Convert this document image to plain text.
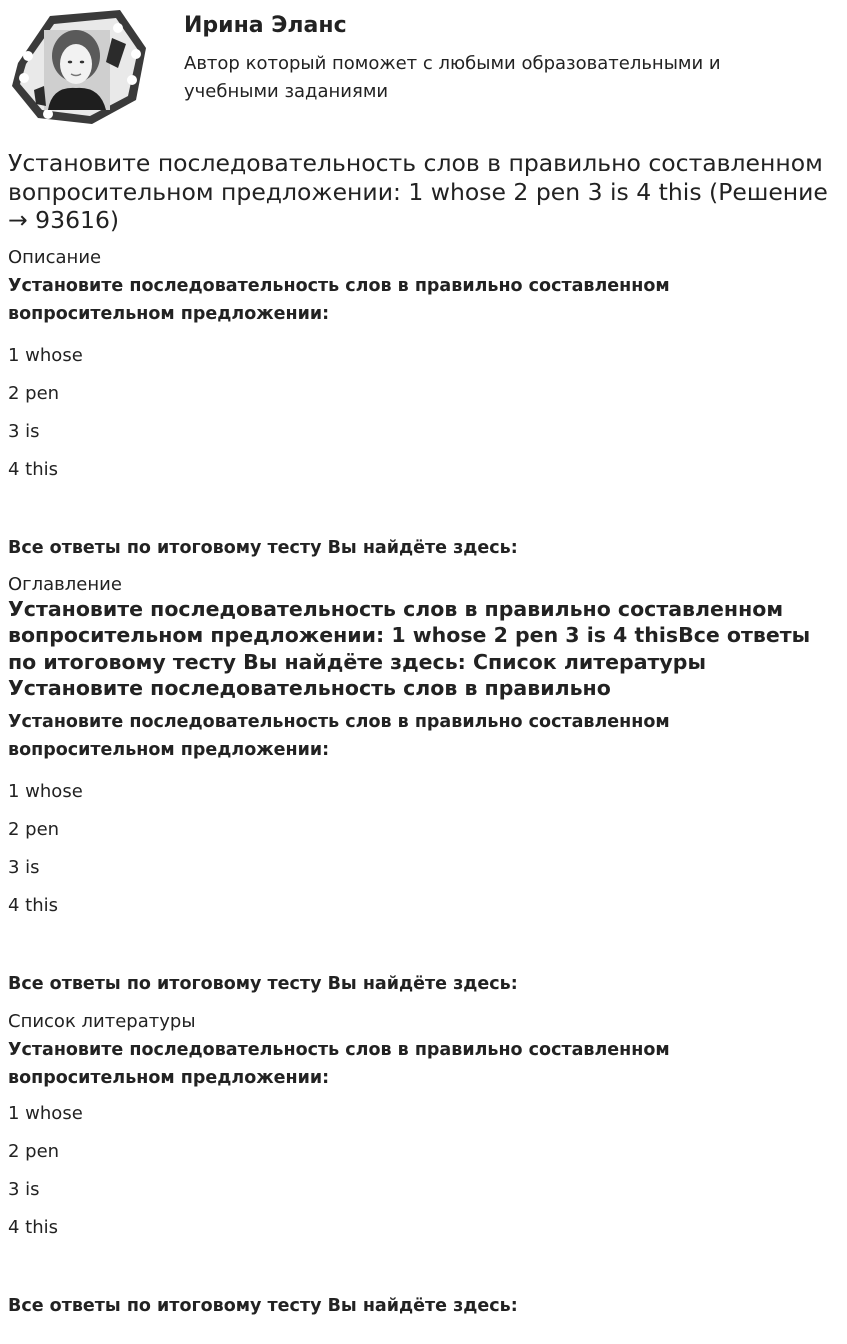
Ирина Эланс
Автор который поможет с любыми образовательными и учебными заданиями
Установите последовательность слов в правильно составленном вопросительном предложении: 1 whose 2 pen 3 is 4 this (Решение → 93616)
Описание
Установите последовательность слов в правильно составленном вопросительном предложении:
1 whose
2 pen
3 is
4 this
Все ответы по итоговому тесту Вы найдёте здесь:
Оглавление
Установите последовательность слов в правильно составленном вопросительном предложении: 1 whose 2 pen 3 is 4 thisВсе ответы по итоговому тесту Вы найдёте здесь: Список литературы Установите последовательность слов в правильно
Установите последовательность слов в правильно составленном вопросительном предложении:
1 whose
2 pen
3 is
4 this
Все ответы по итоговому тесту Вы найдёте здесь:
Список литературы
Установите последовательность слов в правильно составленном вопросительном предложении:
1 whose
2 pen
3 is
4 this
Все ответы по итоговому тесту Вы найдёте здесь:
